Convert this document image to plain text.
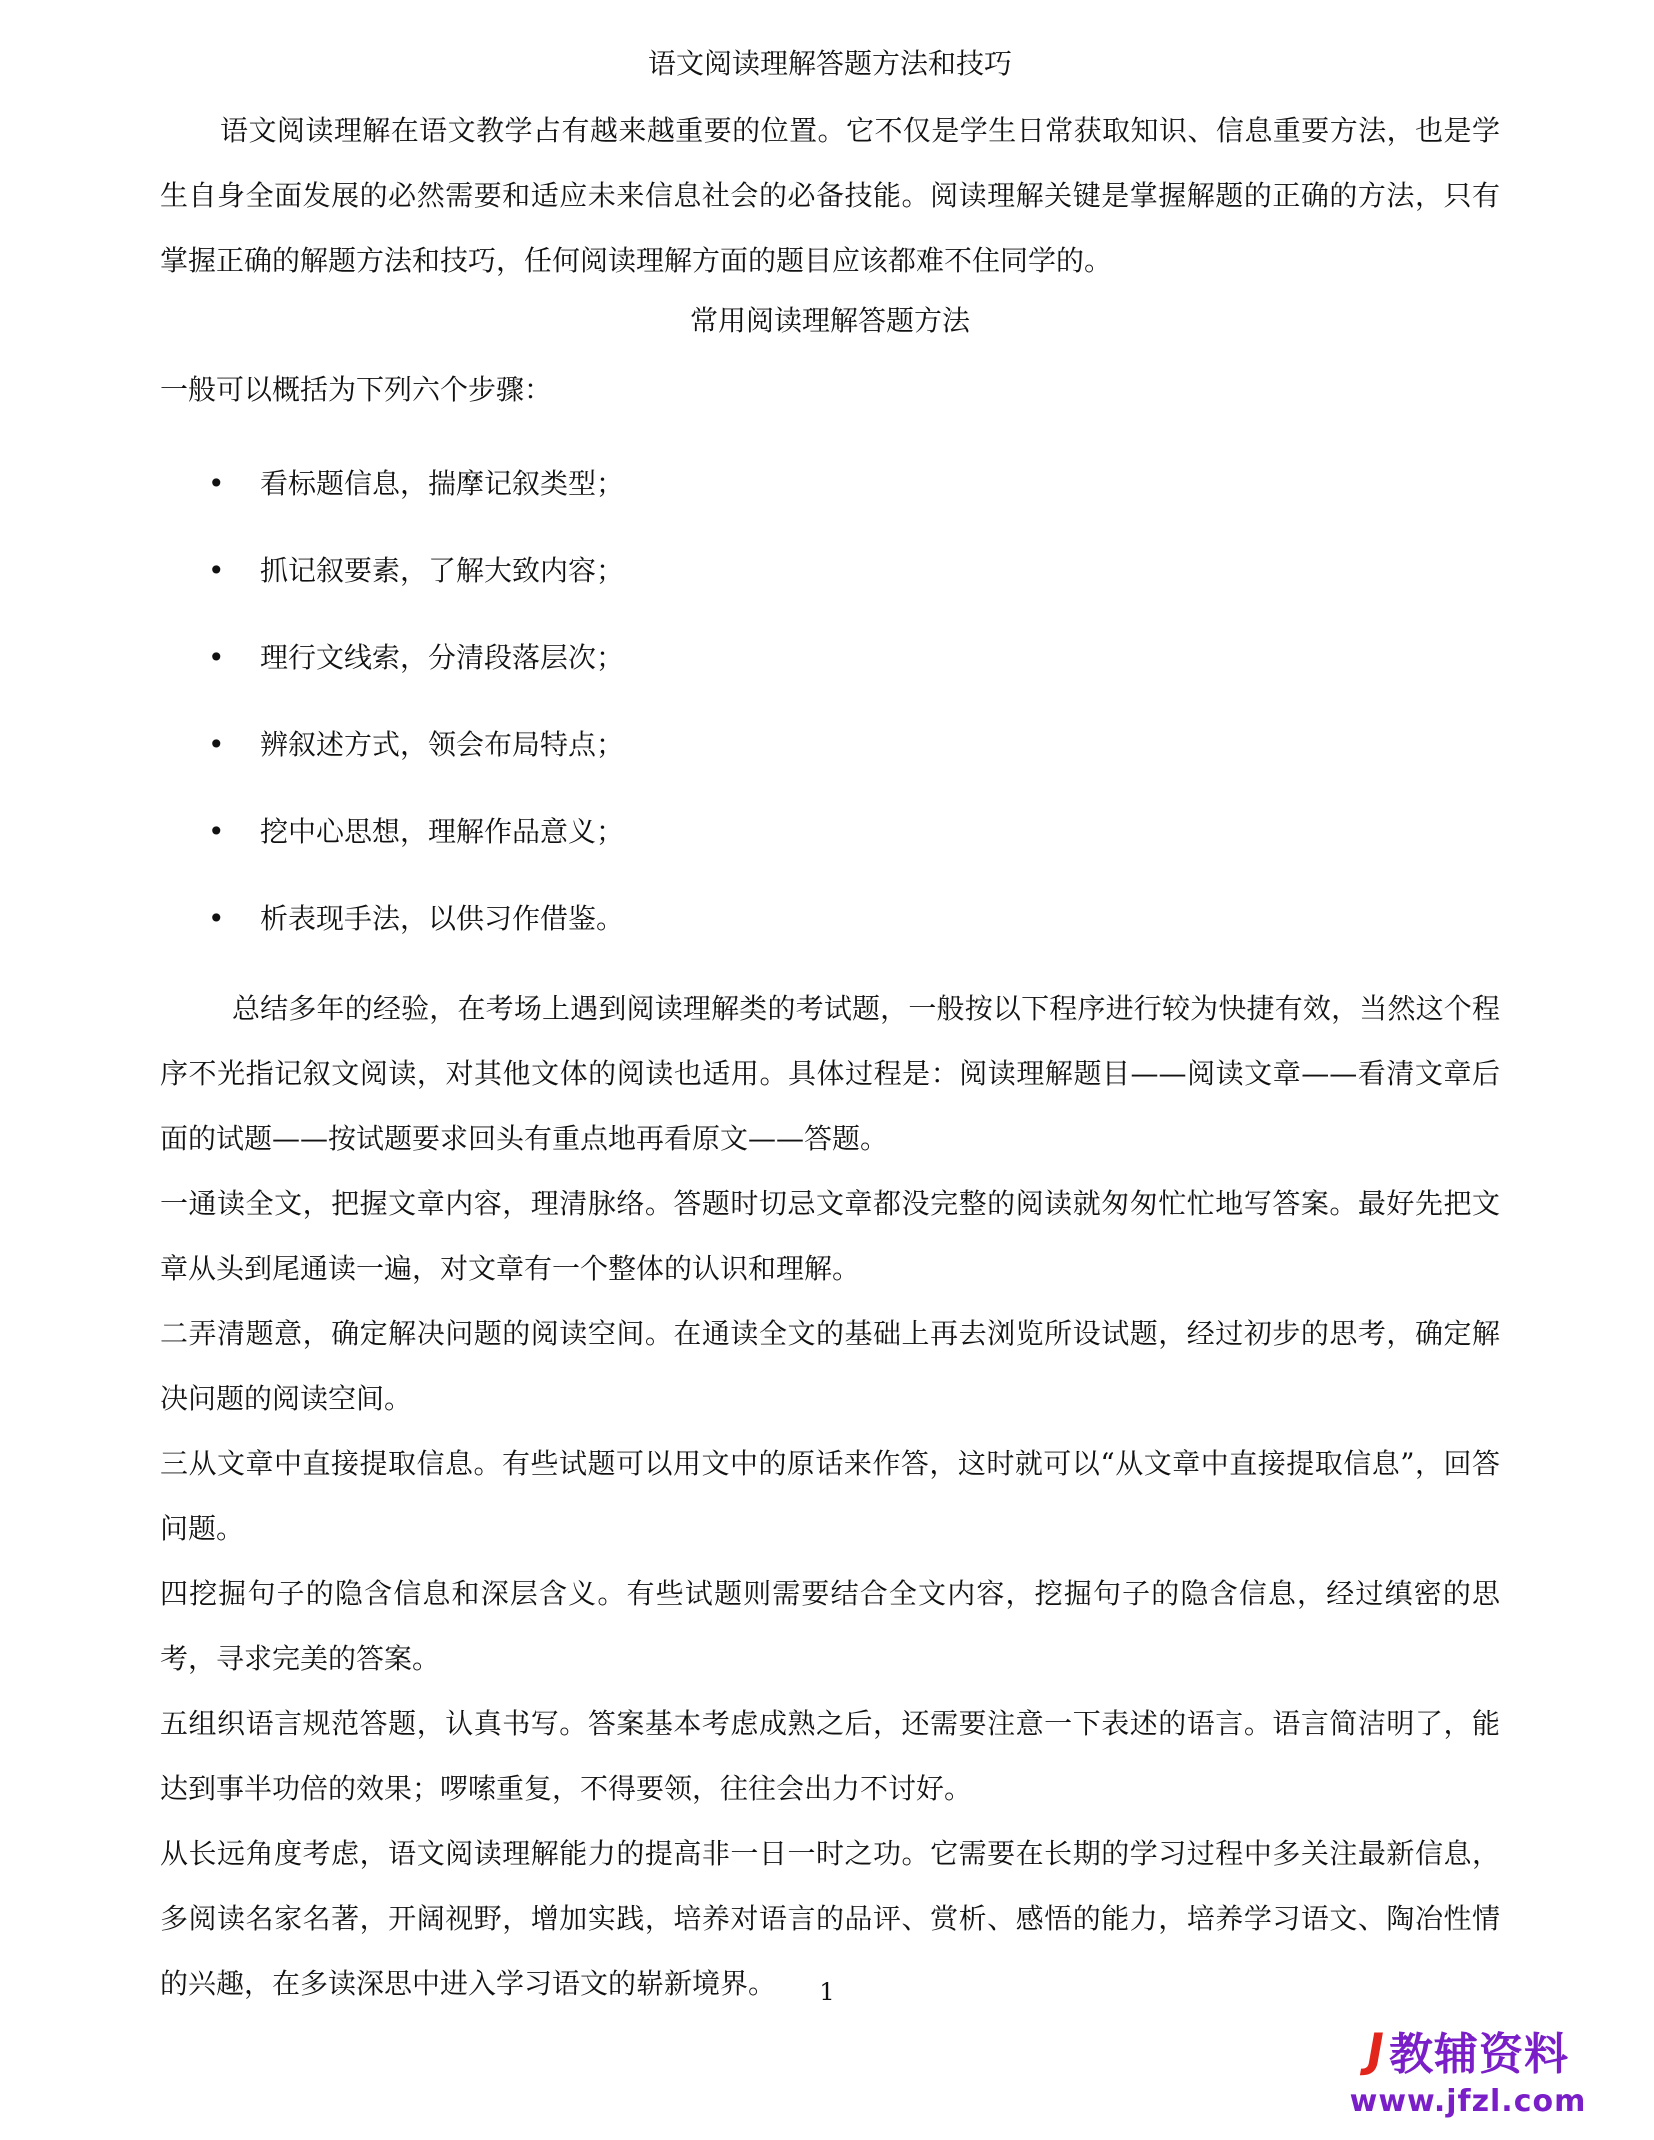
语文阅读理解答题方法和技巧

语文阅读理解在语文教学占有越来越重要的位置。它不仅是学生日常获取知识、信息重要方法，也是学生自身全面发展的必然需要和适应未来信息社会的必备技能。阅读理解关键是掌握解题的正确的方法，只有掌握正确的解题方法和技巧，任何阅读理解方面的题目应该都难不住同学的。

常用阅读理解答题方法

一般可以概括为下列六个步骤：

• 看标题信息，揣摩记叙类型；
• 抓记叙要素，了解大致内容；
• 理行文线索，分清段落层次；
• 辨叙述方式，领会布局特点；
• 挖中心思想，理解作品意义；
• 析表现手法，以供习作借鉴。

总结多年的经验，在考场上遇到阅读理解类的考试题，一般按以下程序进行较为快捷有效，当然这个程序不光指记叙文阅读，对其他文体的阅读也适用。具体过程是：阅读理解题目——阅读文章——看清文章后面的试题——按试题要求回头有重点地再看原文——答题。

一通读全文，把握文章内容，理清脉络。答题时切忌文章都没完整的阅读就匆匆忙忙地写答案。最好先把文章从头到尾通读一遍，对文章有一个整体的认识和理解。

二弄清题意，确定解决问题的阅读空间。在通读全文的基础上再去浏览所设试题，经过初步的思考，确定解决问题的阅读空间。

三从文章中直接提取信息。有些试题可以用文中的原话来作答，这时就可以“从文章中直接提取信息”，回答问题。

四挖掘句子的隐含信息和深层含义。有些试题则需要结合全文内容，挖掘句子的隐含信息，经过缜密的思考，寻求完美的答案。

五组织语言规范答题，认真书写。答案基本考虑成熟之后，还需要注意一下表述的语言。语言简洁明了，能达到事半功倍的效果；啰嗦重复，不得要领，往往会出力不讨好。

从长远角度考虑，语文阅读理解能力的提高非一日一时之功。它需要在长期的学习过程中多关注最新信息，多阅读名家名著，开阔视野，增加实践，培养对语言的品评、赏析、感悟的能力，培养学习语文、陶冶性情的兴趣，在多读深思中进入学习语文的崭新境界。	1
J 教辅资料
www.jfzl.com
